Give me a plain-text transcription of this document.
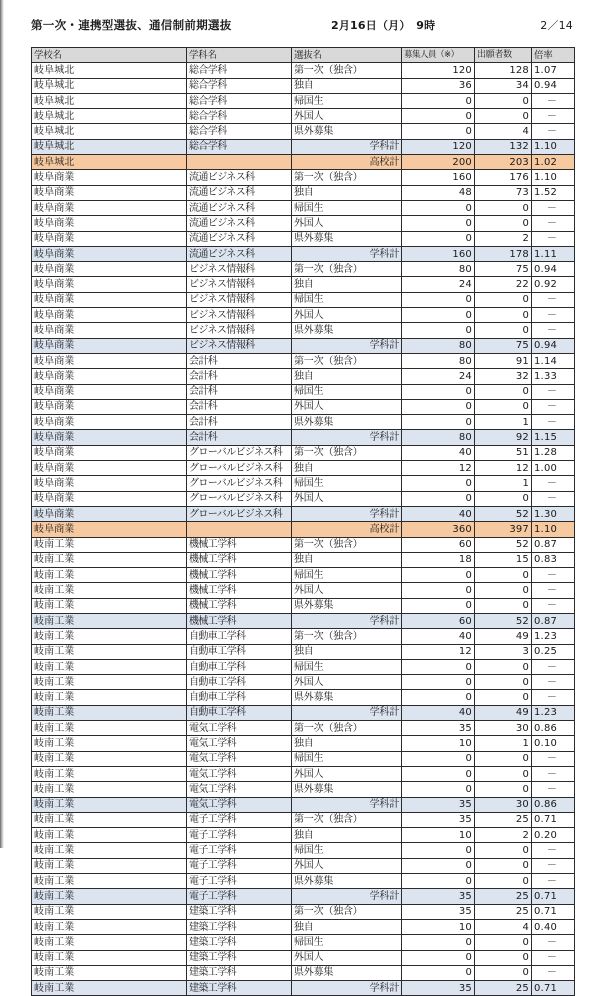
第一次・連携型選抜、通信制前期選抜	2月16日（月）　9時	2／14
学校名	学科名	選抜名	募集人員（※）	出願者数	倍率
岐阜城北	総合学科	第一次（独含）	120	128	1.07
岐阜城北	総合学科	独自	36	34	0.94
岐阜城北	総合学科	帰国生	0	0	－
岐阜城北	総合学科	外国人	0	0	－
岐阜城北	総合学科	県外募集	0	4	－
岐阜城北	総合学科	学科計	120	132	1.10
岐阜城北		高校計	200	203	1.02
岐阜商業	流通ビジネス科	第一次（独含）	160	176	1.10
岐阜商業	流通ビジネス科	独自	48	73	1.52
岐阜商業	流通ビジネス科	帰国生	0	0	－
岐阜商業	流通ビジネス科	外国人	0	0	－
岐阜商業	流通ビジネス科	県外募集	0	2	－
岐阜商業	流通ビジネス科	学科計	160	178	1.11
岐阜商業	ビジネス情報科	第一次（独含）	80	75	0.94
岐阜商業	ビジネス情報科	独自	24	22	0.92
岐阜商業	ビジネス情報科	帰国生	0	0	－
岐阜商業	ビジネス情報科	外国人	0	0	－
岐阜商業	ビジネス情報科	県外募集	0	0	－
岐阜商業	ビジネス情報科	学科計	80	75	0.94
岐阜商業	会計科	第一次（独含）	80	91	1.14
岐阜商業	会計科	独自	24	32	1.33
岐阜商業	会計科	帰国生	0	0	－
岐阜商業	会計科	外国人	0	0	－
岐阜商業	会計科	県外募集	0	1	－
岐阜商業	会計科	学科計	80	92	1.15
岐阜商業	グローバルビジネス科	第一次（独含）	40	51	1.28
岐阜商業	グローバルビジネス科	独自	12	12	1.00
岐阜商業	グローバルビジネス科	帰国生	0	1	－
岐阜商業	グローバルビジネス科	外国人	0	0	－
岐阜商業	グローバルビジネス科	学科計	40	52	1.30
岐阜商業		高校計	360	397	1.10
岐南工業	機械工学科	第一次（独含）	60	52	0.87
岐南工業	機械工学科	独自	18	15	0.83
岐南工業	機械工学科	帰国生	0	0	－
岐南工業	機械工学科	外国人	0	0	－
岐南工業	機械工学科	県外募集	0	0	－
岐南工業	機械工学科	学科計	60	52	0.87
岐南工業	自動車工学科	第一次（独含）	40	49	1.23
岐南工業	自動車工学科	独自	12	3	0.25
岐南工業	自動車工学科	帰国生	0	0	－
岐南工業	自動車工学科	外国人	0	0	－
岐南工業	自動車工学科	県外募集	0	0	－
岐南工業	自動車工学科	学科計	40	49	1.23
岐南工業	電気工学科	第一次（独含）	35	30	0.86
岐南工業	電気工学科	独自	10	1	0.10
岐南工業	電気工学科	帰国生	0	0	－
岐南工業	電気工学科	外国人	0	0	－
岐南工業	電気工学科	県外募集	0	0	－
岐南工業	電気工学科	学科計	35	30	0.86
岐南工業	電子工学科	第一次（独含）	35	25	0.71
岐南工業	電子工学科	独自	10	2	0.20
岐南工業	電子工学科	帰国生	0	0	－
岐南工業	電子工学科	外国人	0	0	－
岐南工業	電子工学科	県外募集	0	0	－
岐南工業	電子工学科	学科計	35	25	0.71
岐南工業	建築工学科	第一次（独含）	35	25	0.71
岐南工業	建築工学科	独自	10	4	0.40
岐南工業	建築工学科	帰国生	0	0	－
岐南工業	建築工学科	外国人	0	0	－
岐南工業	建築工学科	県外募集	0	0	－
岐南工業	建築工学科	学科計	35	25	0.71
